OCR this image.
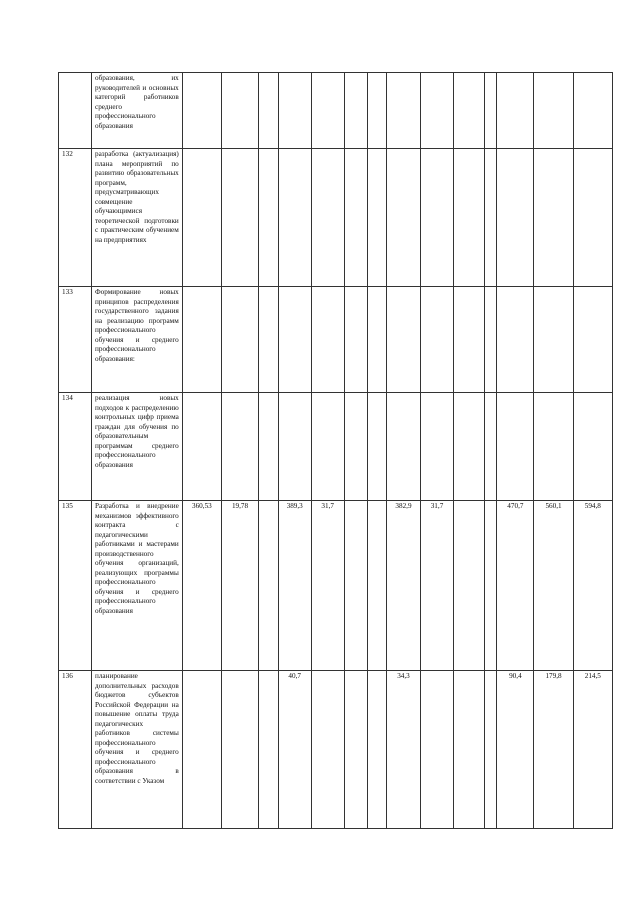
	образования, их руководителей и основных категорий работников среднего профессионального образования														

132	разработка (актуализация) плана мероприятий по развитию образовательных программ, предусматривающих совмещение обучающимися теоретической подготовки с практическим обучением на предприятиях														

133	Формирование новых принципов распределения государственного задания на реализацию программ профессионального обучения и среднего профессионального образования:														

134	реализация новых подходов к распределению контрольных цифр приема граждан для обучения по образовательным программам среднего профессионального образования														

135	Разработка и внедрение механизмов эффективного контракта с педагогическими работниками и мастерами производственного обучения организаций, реализующих программы профессионального обучения и среднего профессионального образования	360,53	19,78		389,3	31,7			382,9	31,7			470,7	560,1	594,8
136	планирование дополнительных расходов бюджетов субъектов Российской Федерации на повышение оплаты труда педагогических работников системы профессионального обучения и среднего профессионального образования в соответствии с Указом				40,7				34,3				90,4	179,8	214,5
